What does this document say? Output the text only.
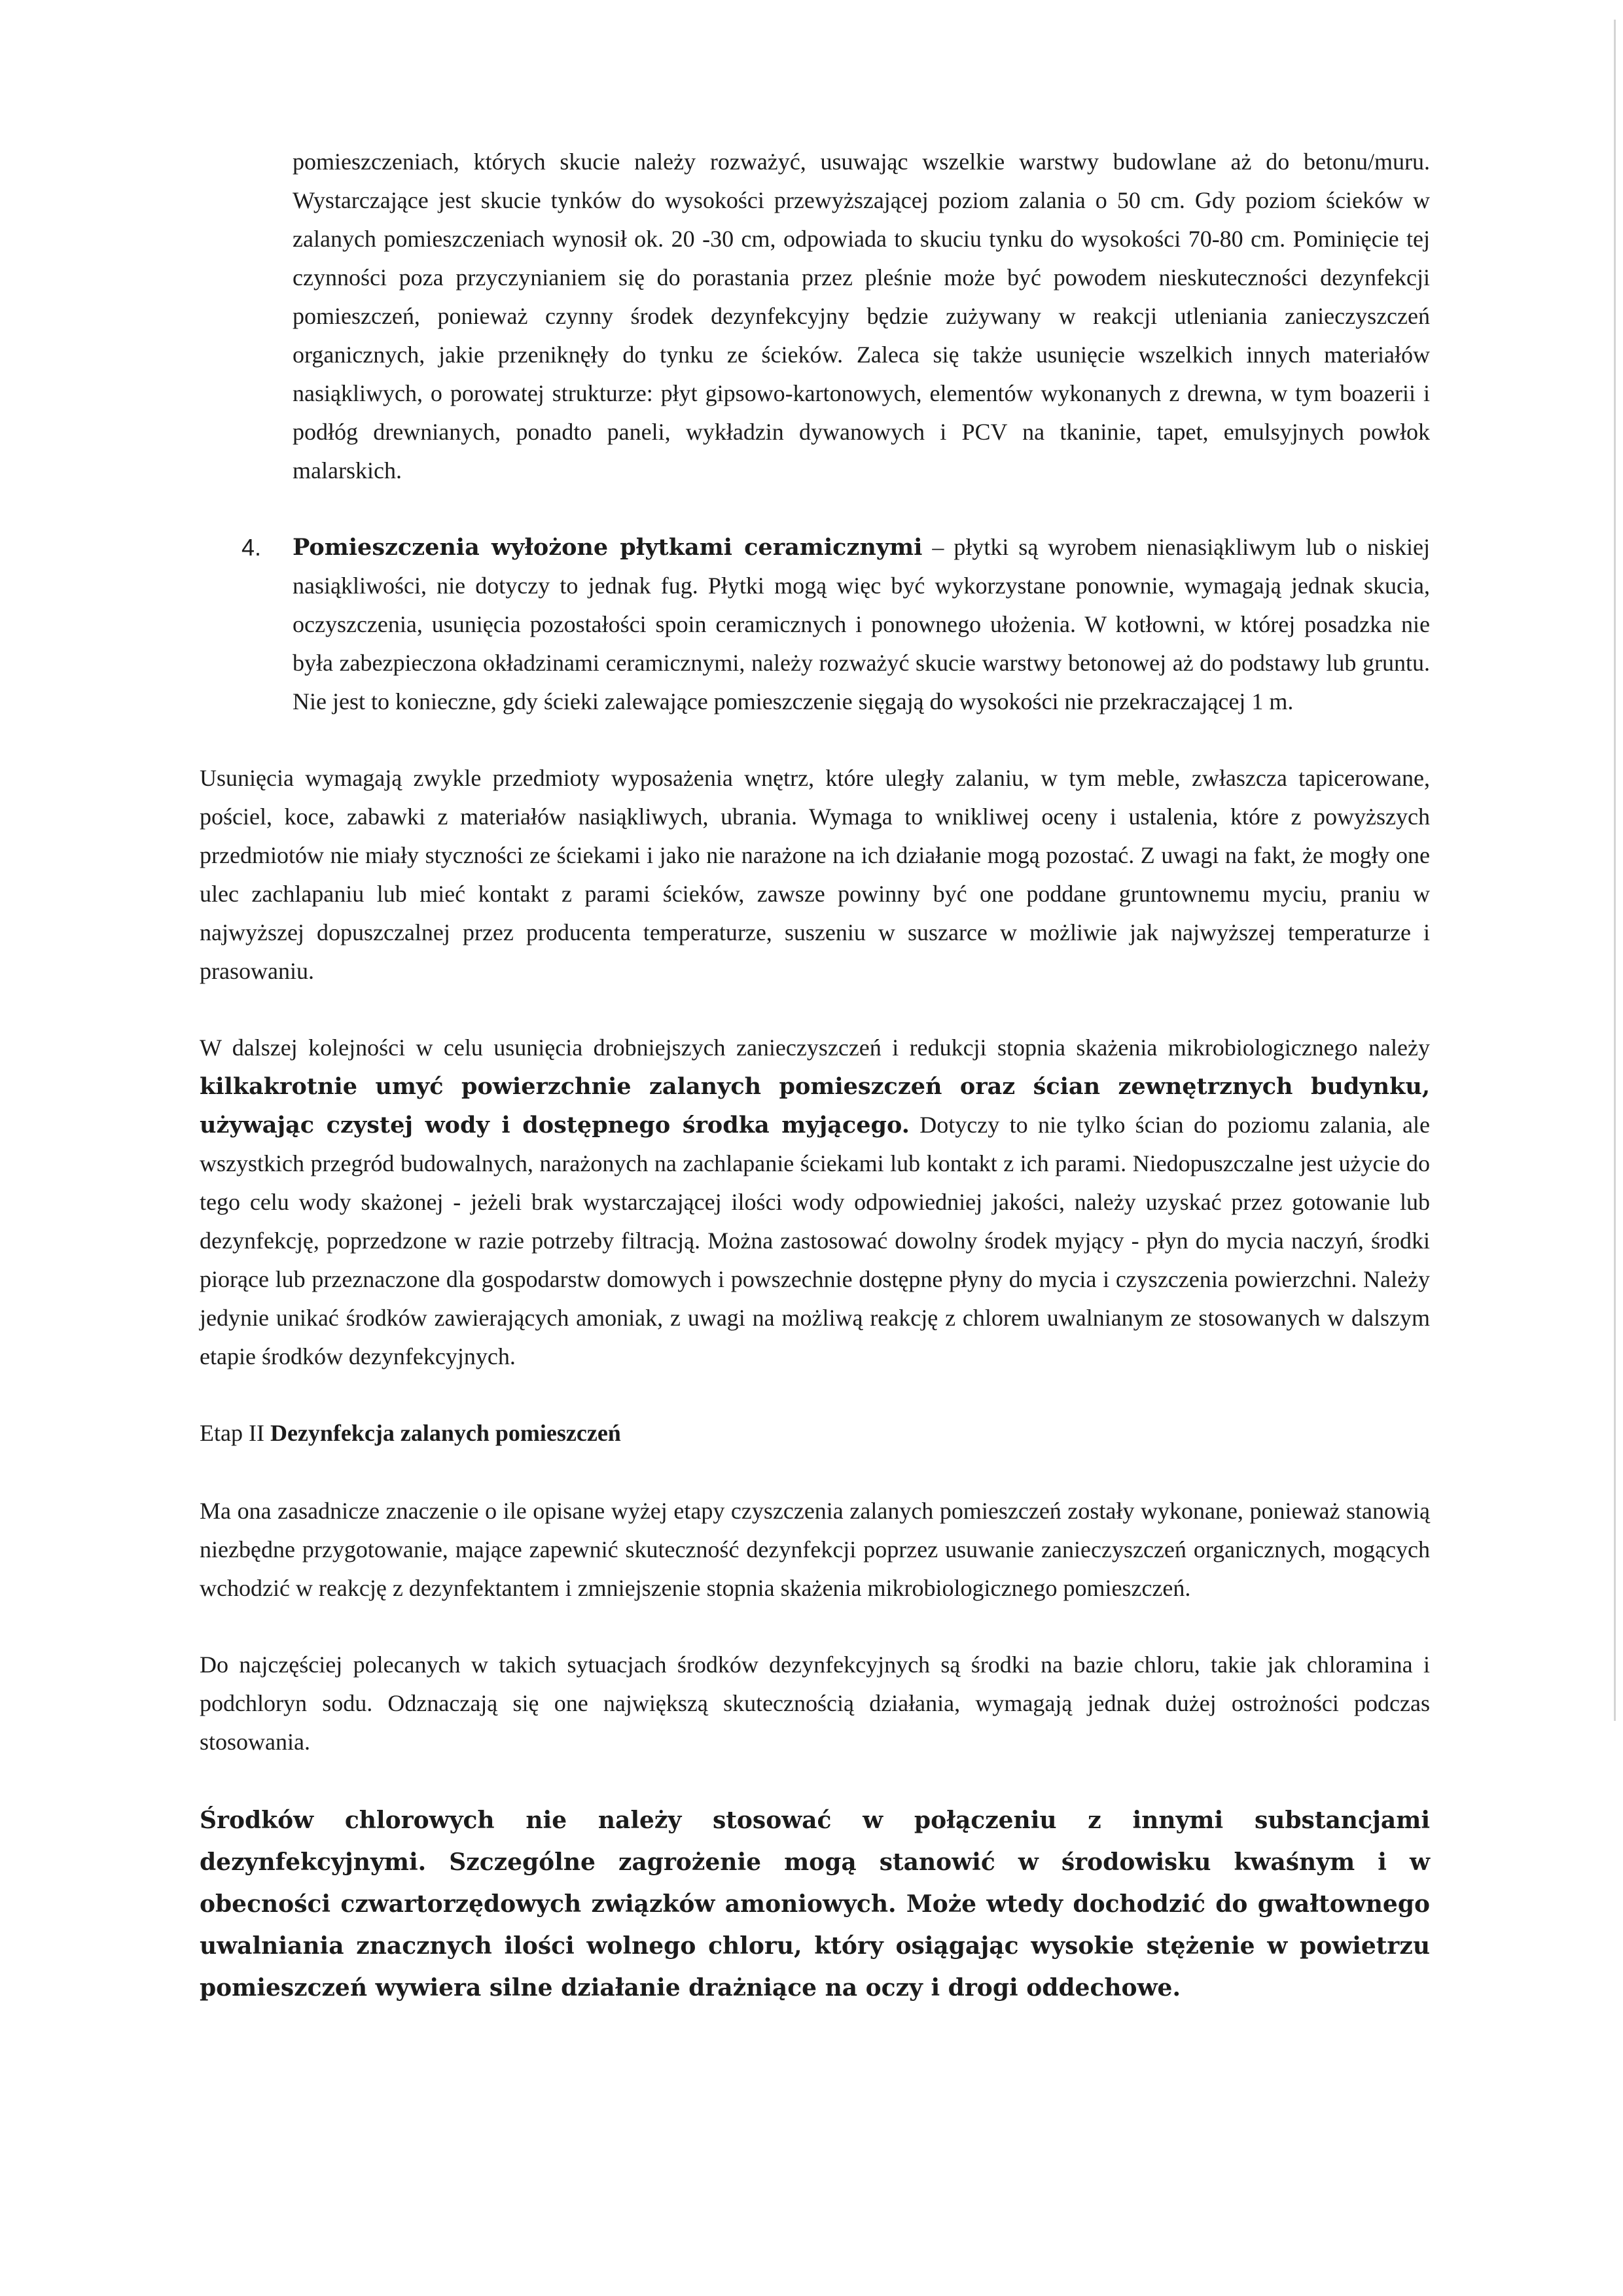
pomieszczeniach, których skucie należy rozważyć, usuwając wszelkie warstwy budowlane aż do betonu/muru. Wystarczające jest skucie tynków do wysokości przewyższającej poziom zalania o 50 cm. Gdy poziom ścieków w zalanych pomieszczeniach wynosił ok. 20 -30 cm, odpowiada to skuciu tynku do wysokości 70-80 cm. Pominięcie tej czynności poza przyczynianiem się do porastania przez pleśnie może być powodem nieskuteczności dezynfekcji pomieszczeń, ponieważ czynny środek dezynfekcyjny będzie zużywany w reakcji utleniania zanieczyszczeń organicznych, jakie przeniknęły do tynku ze ścieków. Zaleca się także usunięcie wszelkich innych materiałów nasiąkliwych, o porowatej strukturze: płyt gipsowo-kartonowych, elementów wykonanych z drewna, w tym boazerii i podłóg drewnianych, ponadto paneli, wykładzin dywanowych i PCV na tkaninie, tapet, emulsyjnych powłok malarskich.

4. Pomieszczenia wyłożone płytkami ceramicznymi – płytki są wyrobem nienasiąkliwym lub o niskiej nasiąkliwości, nie dotyczy to jednak fug. Płytki mogą więc być wykorzystane ponownie, wymagają jednak skucia, oczyszczenia, usunięcia pozostałości spoin ceramicznych i ponownego ułożenia. W kotłowni, w której posadzka nie była zabezpieczona okładzinami ceramicznymi, należy rozważyć skucie warstwy betonowej aż do podstawy lub gruntu. Nie jest to konieczne, gdy ścieki zalewające pomieszczenie sięgają do wysokości nie przekraczającej 1 m.

Usunięcia wymagają zwykle przedmioty wyposażenia wnętrz, które uległy zalaniu, w tym meble, zwłaszcza tapicerowane, pościel, koce, zabawki z materiałów nasiąkliwych, ubrania. Wymaga to wnikliwej oceny i ustalenia, które z powyższych przedmiotów nie miały styczności ze ściekami i jako nie narażone na ich działanie mogą pozostać. Z uwagi na fakt, że mogły one ulec zachlapaniu lub mieć kontakt z parami ścieków, zawsze powinny być one poddane gruntownemu myciu, praniu w najwyższej dopuszczalnej przez producenta temperaturze, suszeniu w suszarce w możliwie jak najwyższej temperaturze i prasowaniu.

W dalszej kolejności w celu usunięcia drobniejszych zanieczyszczeń i redukcji stopnia skażenia mikrobiologicznego należy kilkakrotnie umyć powierzchnie zalanych pomieszczeń oraz ścian zewnętrznych budynku, używając czystej wody i dostępnego środka myjącego. Dotyczy to nie tylko ścian do poziomu zalania, ale wszystkich przegród budowalnych, narażonych na zachlapanie ściekami lub kontakt z ich parami. Niedopuszczalne jest użycie do tego celu wody skażonej - jeżeli brak wystarczającej ilości wody odpowiedniej jakości, należy uzyskać przez gotowanie lub dezynfekcję, poprzedzone w razie potrzeby filtracją. Można zastosować dowolny środek myjący - płyn do mycia naczyń, środki piorące lub przeznaczone dla gospodarstw domowych i powszechnie dostępne płyny do mycia i czyszczenia powierzchni. Należy jedynie unikać środków zawierających amoniak, z uwagi na możliwą reakcję z chlorem uwalnianym ze stosowanych w dalszym etapie środków dezynfekcyjnych.

Etap II Dezynfekcja zalanych pomieszczeń

Ma ona zasadnicze znaczenie o ile opisane wyżej etapy czyszczenia zalanych pomieszczeń zostały wykonane, ponieważ stanowią niezbędne przygotowanie, mające zapewnić skuteczność dezynfekcji poprzez usuwanie zanieczyszczeń organicznych, mogących wchodzić w reakcję z dezynfektantem i zmniejszenie stopnia skażenia mikrobiologicznego pomieszczeń.

Do najczęściej polecanych w takich sytuacjach środków dezynfekcyjnych są środki na bazie chloru, takie jak chloramina i podchloryn sodu. Odznaczają się one największą skutecznością działania, wymagają jednak dużej ostrożności podczas stosowania.

Środków chlorowych nie należy stosować w połączeniu z innymi substancjami dezynfekcyjnymi. Szczególne zagrożenie mogą stanowić w środowisku kwaśnym i w obecności czwartorzędowych związków amoniowych. Może wtedy dochodzić do gwałtownego uwalniania znacznych ilości wolnego chloru, który osiągając wysokie stężenie w powietrzu pomieszczeń wywiera silne działanie drażniące na oczy i drogi oddechowe.
